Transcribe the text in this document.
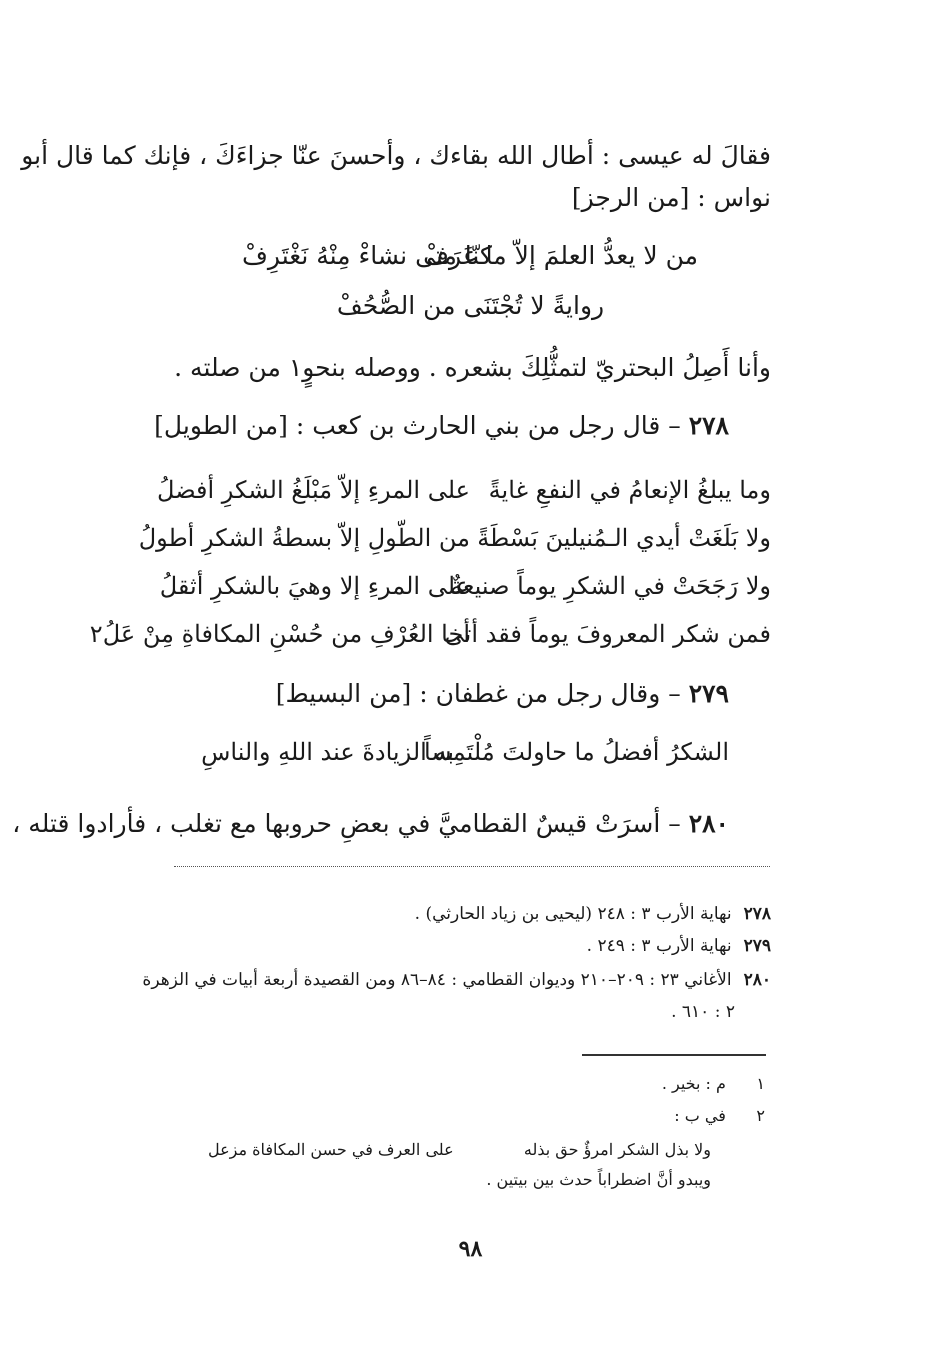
فقالَ له عيسى : أطال الله بقاءك ، وأحسنَ عنّا جزاءَكَ ، فإنك كما قال أبو
نواس : [من الرجز]
من لا يعدُّ العلمَ إلاّ ما عَرَفْ
كنّا متى نشاءْ مِنْهُ نَغْتَرِفْ
روايةً لا تُجْتَنَى من الصُّحُفْ
وأنا أَصِلُ البحتريّ لتمثُّلِكَ بشعره . ووصله بنحوٍ١ من صلته .
٢٧٨ – قال رجل من بني الحارث بن كعب : [من الطويل]
وما يبلغُ الإنعامُ في النفعِ غايةً
على المرءِ إلاّ مَبْلَغُ الشكرِ أفضلُ
ولا بَلَغَتْ أيدي الـمُنيلينَ بَسْطَةً
من الطّولِ إلاّ بسطةُ الشكرِ أطولُ
ولا رَجَحَتْ في الشكرِ يوماً صنيعةٌ
على المرءِ إلا وهيَ بالشكرِ أثقلُ
فمن شكر المعروفَ يوماً فقد أتى
أخا العُرْفِ من حُسْنِ المكافاةِ مِنْ عَلُ٢
٢٧٩ – وقال رجل من غطفان : [من البسيط]
الشكرُ أفضلُ ما حاولتَ مُلْتَمِساً
به الزيادةَ عند اللهِ والناسِ
٢٨٠ – أسرَتْ قيسٌ القطاميَّ في بعضِ حروبها مع تغلب ، فأرادوا قتله ،
٢٧٨ نهاية الأرب ٣ : ٢٤٨ (ليحيى بن زياد الحارثي) .
٢٧٩ نهاية الأرب ٣ : ٢٤٩ .
٢٨٠ الأغاني ٢٣ : ٢٠٩–٢١٠ وديوان القطامي : ٨٤–٨٦ ومن القصيدة أربعة أبيات في الزهرة
٢ : ٦١٠ .
١ م : بخير .
٢ في ب :
ولا بذل الشكر امرؤٌ حق بذله
على العرف في حسن المكافاة مزعل
ويبدو أنَّ اضطراباً حدث بين بيتين .
٩٨
